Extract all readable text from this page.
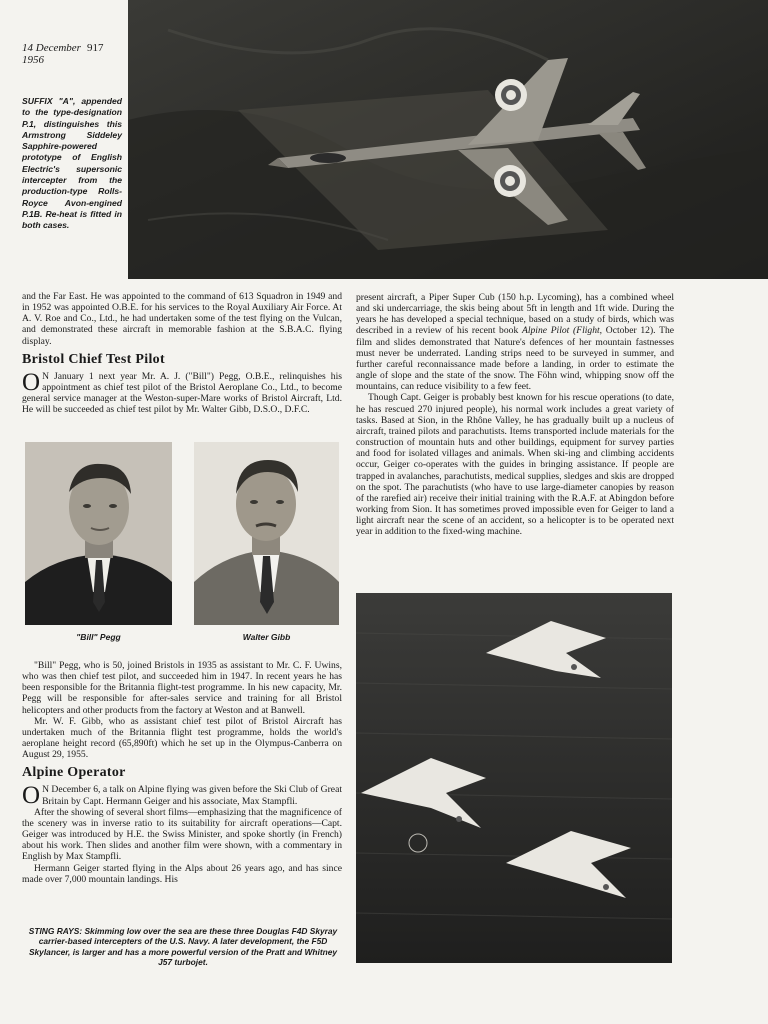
14 December 917
1956
SUFFIX "A", appended to the type-designation P.1, distinguishes this Armstrong Siddeley Sapphire-powered prototype of English Electric's supersonic intercepter from the production-type Rolls-Royce Avon-engined P.1B. Re-heat is fitted in both cases.

and the Far East. He was appointed to the command of 613 Squadron in 1949 and in 1952 was appointed O.B.E. for his services to the Royal Auxiliary Air Force. At A. V. Roe and Co., Ltd., he had undertaken some of the test flying on the Vulcan, and demonstrated these aircraft in memorable fashion at the S.B.A.C. flying display.

Bristol Chief Test Pilot

O N January 1 next year Mr. A. J. ("Bill") Pegg, O.B.E., relinquishes his appointment as chief test pilot of the Bristol Aeroplane Co., Ltd., to become general service manager at the Weston-super-Mare works of Bristol Aircraft, Ltd. He will be succeeded as chief test pilot by Mr. Walter Gibb, D.S.O., D.F.C.

"Bill" Pegg	Walter Gibb

"Bill" Pegg, who is 50, joined Bristols in 1935 as assistant to Mr. C. F. Uwins, who was then chief test pilot, and succeeded him in 1947. In recent years he has been responsible for the Britannia flight-test programme. In his new capacity, Mr. Pegg will be responsible for after-sales service and training for all Bristol helicopters and other products from the factory at Weston and at Banwell.

Mr. W. F. Gibb, who as assistant chief test pilot of Bristol Aircraft has undertaken much of the Britannia flight test programme, holds the world's aeroplane height record (65,890ft) which he set up in the Olympus-Canberra on August 29, 1955.

Alpine Operator

O N December 6, a talk on Alpine flying was given before the Ski Club of Great Britain by Capt. Hermann Geiger and his associate, Max Stampfli.

After the showing of several short films—emphasizing that the magnificence of the scenery was in inverse ratio to its suitability for aircraft operations—Capt. Geiger was introduced by H.E. the Swiss Minister, and spoke shortly (in French) about his work. Then slides and another film were shown, with a commentary in English by Max Stampfli.

Hermann Geiger started flying in the Alps about 26 years ago, and has since made over 7,000 mountain landings. His

present aircraft, a Piper Super Cub (150 h.p. Lycoming), has a combined wheel and ski undercarriage, the skis being about 5ft in length and 1ft wide. During the years he has developed a special technique, based on a study of birds, which was described in a review of his recent book Alpine Pilot (Flight, October 12). The film and slides demonstrated that Nature's defences of her mountain fastnesses must never be underrated. Landing strips need to be surveyed in summer, and further careful reconnaissance made before a landing, in order to estimate the angle of slope and the state of the snow. The Föhn wind, whipping snow off the mountains, can reduce visibility to a few feet.

Though Capt. Geiger is probably best known for his rescue operations (to date, he has rescued 270 injured people), his normal work includes a great variety of tasks. Based at Sion, in the Rhône Valley, he has gradually built up a nucleus of aircraft, trained pilots and parachutists. Items transported include materials for the construction of mountain huts and other buildings, equipment for survey parties and food for isolated villages and animals. When ski-ing and climbing accidents occur, Geiger co-operates with the guides in bringing assistance. If people are trapped in avalanches, parachutists, medical supplies, sledges and skis are dropped on the spot. The parachutists (who have to use large-diameter canopies by reason of the rarefied air) receive their initial training with the R.A.F. at Abingdon before working from Sion. It has sometimes proved impossible even for Geiger to land a light aircraft near the scene of an accident, so a helicopter is to be operated next year in addition to the fixed-wing machine.

STING RAYS: Skimming low over the sea are these three Douglas F4D Skyray carrier-based intercepters of the U.S. Navy. A later development, the F5D Skylancer, is larger and has a more powerful version of the Pratt and Whitney J57 turbojet.
